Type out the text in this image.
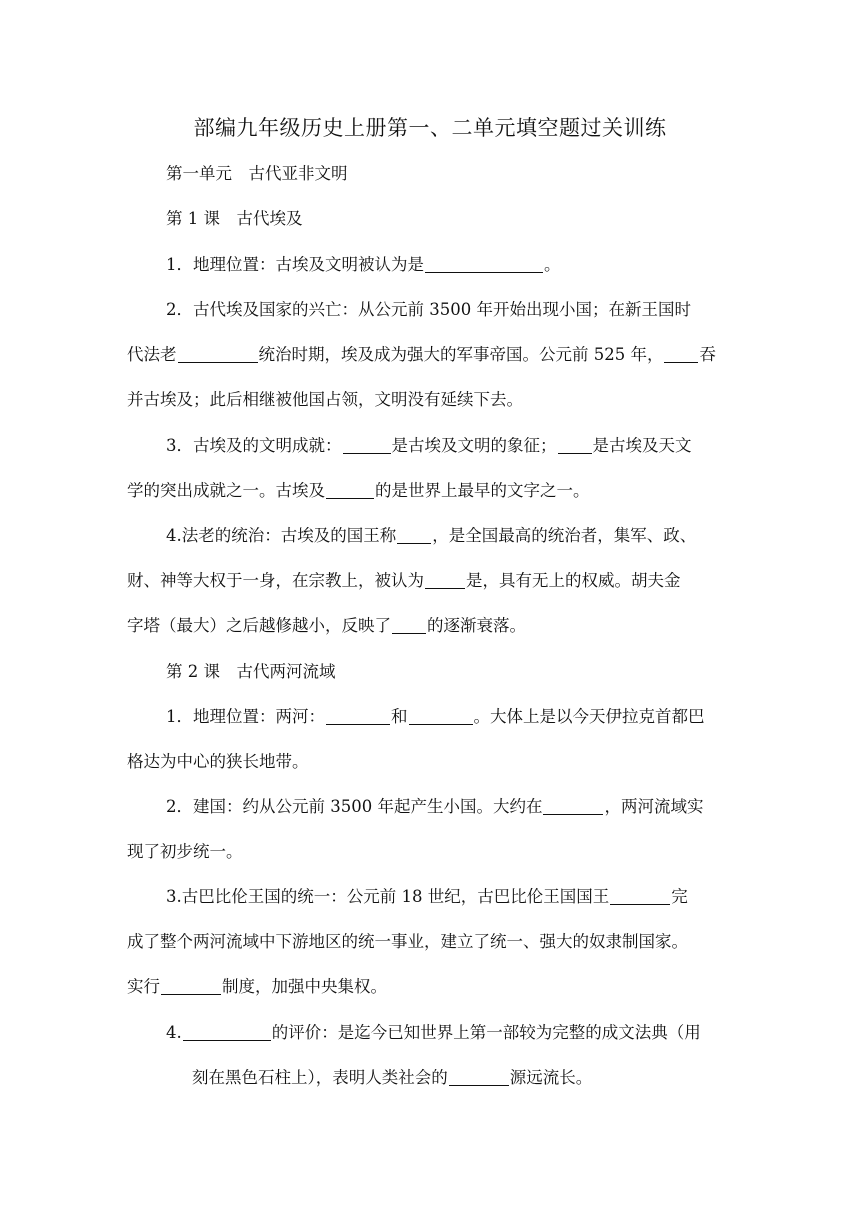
部编九年级历史上册第一、二单元填空题过关训练
第一单元　古代亚非文明
第 1 课　古代埃及
1．地理位置：古埃及文明被认为是	。
2．古代埃及国家的兴亡：从公元前 3500 年开始出现小国；在新王国时
代法老	统治时期，埃及成为强大的军事帝国。公元前 525 年， 吞
并古埃及；此后相继被他国占领，文明没有延续下去。
3．古埃及的文明成就：	是古埃及文明的象征； 是古埃及天文
学的突出成就之一。古埃及	的是世界上最早的文字之一。
4.法老的统治：古埃及的国王称 ，是全国最高的统治者，集军、政、
财、神等大权于一身，在宗教上，被认为	是，具有无上的权威。胡夫金
字塔（最大）之后越修越小，反映了 的逐渐衰落。
第 2 课　古代两河流域
1．地理位置：两河：	和	。大体上是以今天伊拉克首都巴
格达为中心的狭长地带。
2．建国：约从公元前 3500 年起产生小国。大约在	，两河流域实
现了初步统一。
3.古巴比伦王国的统一：公元前 18 世纪，古巴比伦王国国王	完
成了整个两河流域中下游地区的统一事业，建立了统一、强大的奴隶制国家。
实行	制度，加强中央集权。
4.	的评价：是迄今已知世界上第一部较为完整的成文法典（用
刻在黑色石柱上），表明人类社会的	源远流长。
